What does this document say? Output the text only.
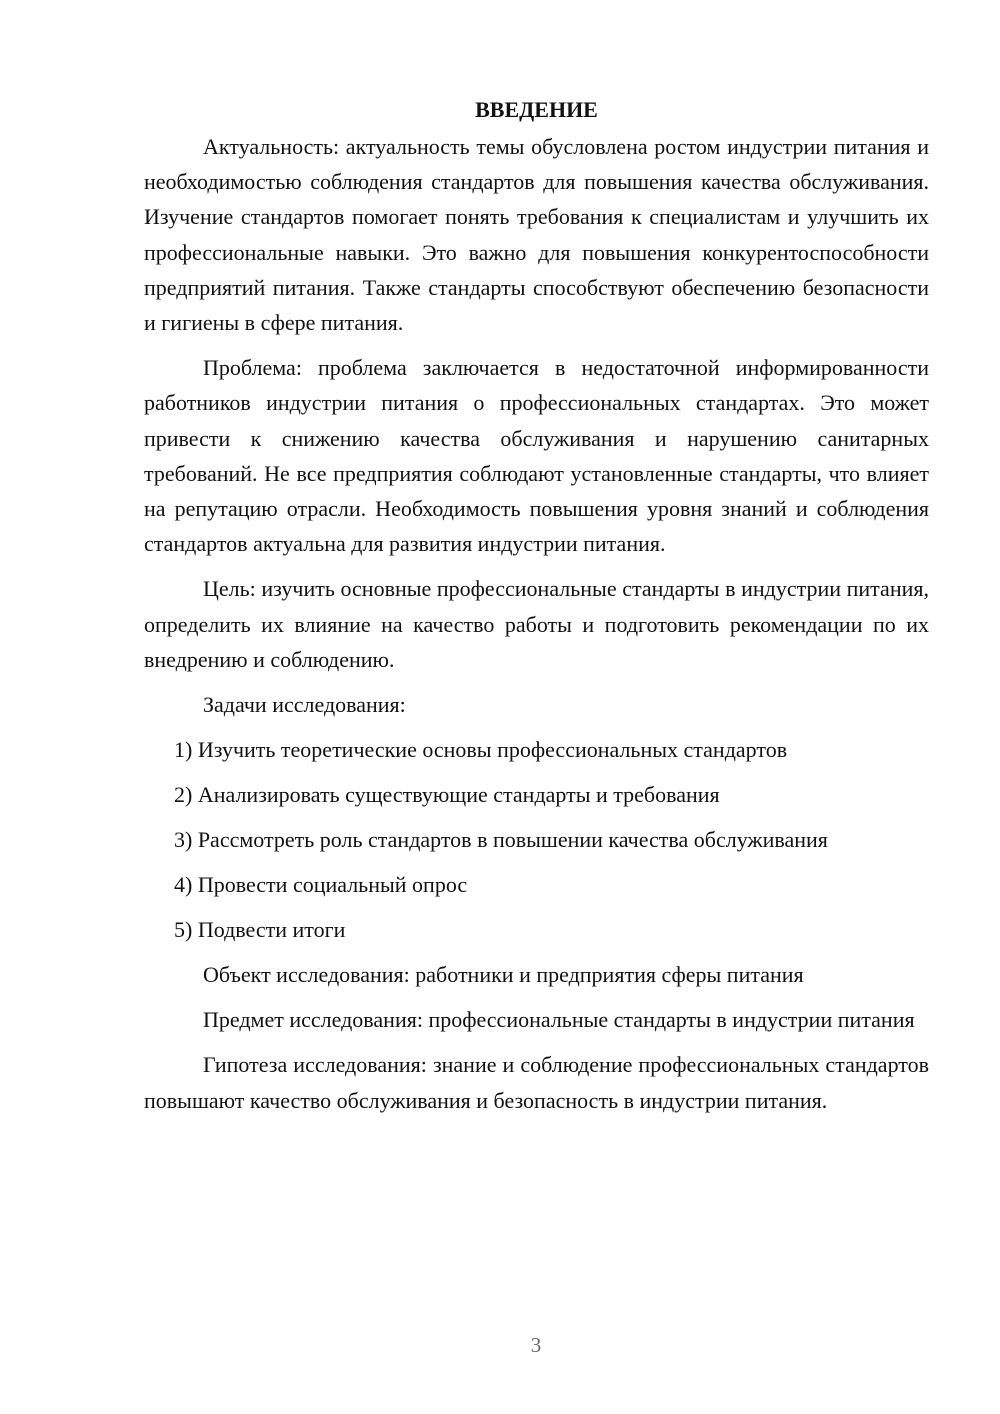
ВВЕДЕНИЕ

Актуальность: актуальность темы обусловлена ростом индустрии питания и необходимостью соблюдения стандартов для повышения качества обслуживания. Изучение стандартов помогает понять требования к специалистам и улучшить их профессиональные навыки. Это важно для повышения конкурентоспособности предприятий питания. Также стандарты способствуют обеспечению безопасности и гигиены в сфере питания.

Проблема: проблема заключается в недостаточной информированности работников индустрии питания о профессиональных стандартах. Это может привести к снижению качества обслуживания и нарушению санитарных требований. Не все предприятия соблюдают установленные стандарты, что влияет на репутацию отрасли. Необходимость повышения уровня знаний и соблюдения стандартов актуальна для развития индустрии питания.

Цель: изучить основные профессиональные стандарты в индустрии питания, определить их влияние на качество работы и подготовить рекомендации по их внедрению и соблюдению.

Задачи исследования:

1) Изучить теоретические основы профессиональных стандартов
2) Анализировать существующие стандарты и требования
3) Рассмотреть роль стандартов в повышении качества обслуживания
4) Провести социальный опрос
5) Подвести итоги

Объект исследования: работники и предприятия сферы питания

Предмет исследования: профессиональные стандарты в индустрии питания

Гипотеза исследования: знание и соблюдение профессиональных стандартов повышают качество обслуживания и безопасность в индустрии питания.

3
